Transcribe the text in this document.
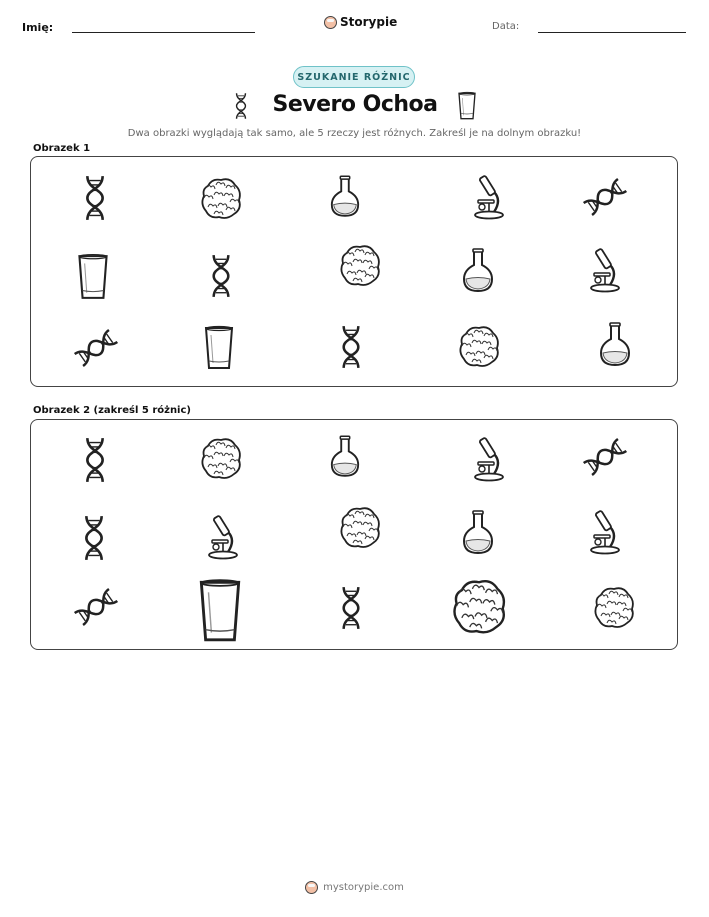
Imię:	Storypie	Data:
SZUKANIE RÓŻNIC
Severo Ochoa
Dwa obrazki wyglądają tak samo, ale 5 rzeczy jest różnych. Zakreśl je na dolnym obrazku!
Obrazek 1
Obrazek 2 (zakreśl 5 różnic)
mystorypie.com
